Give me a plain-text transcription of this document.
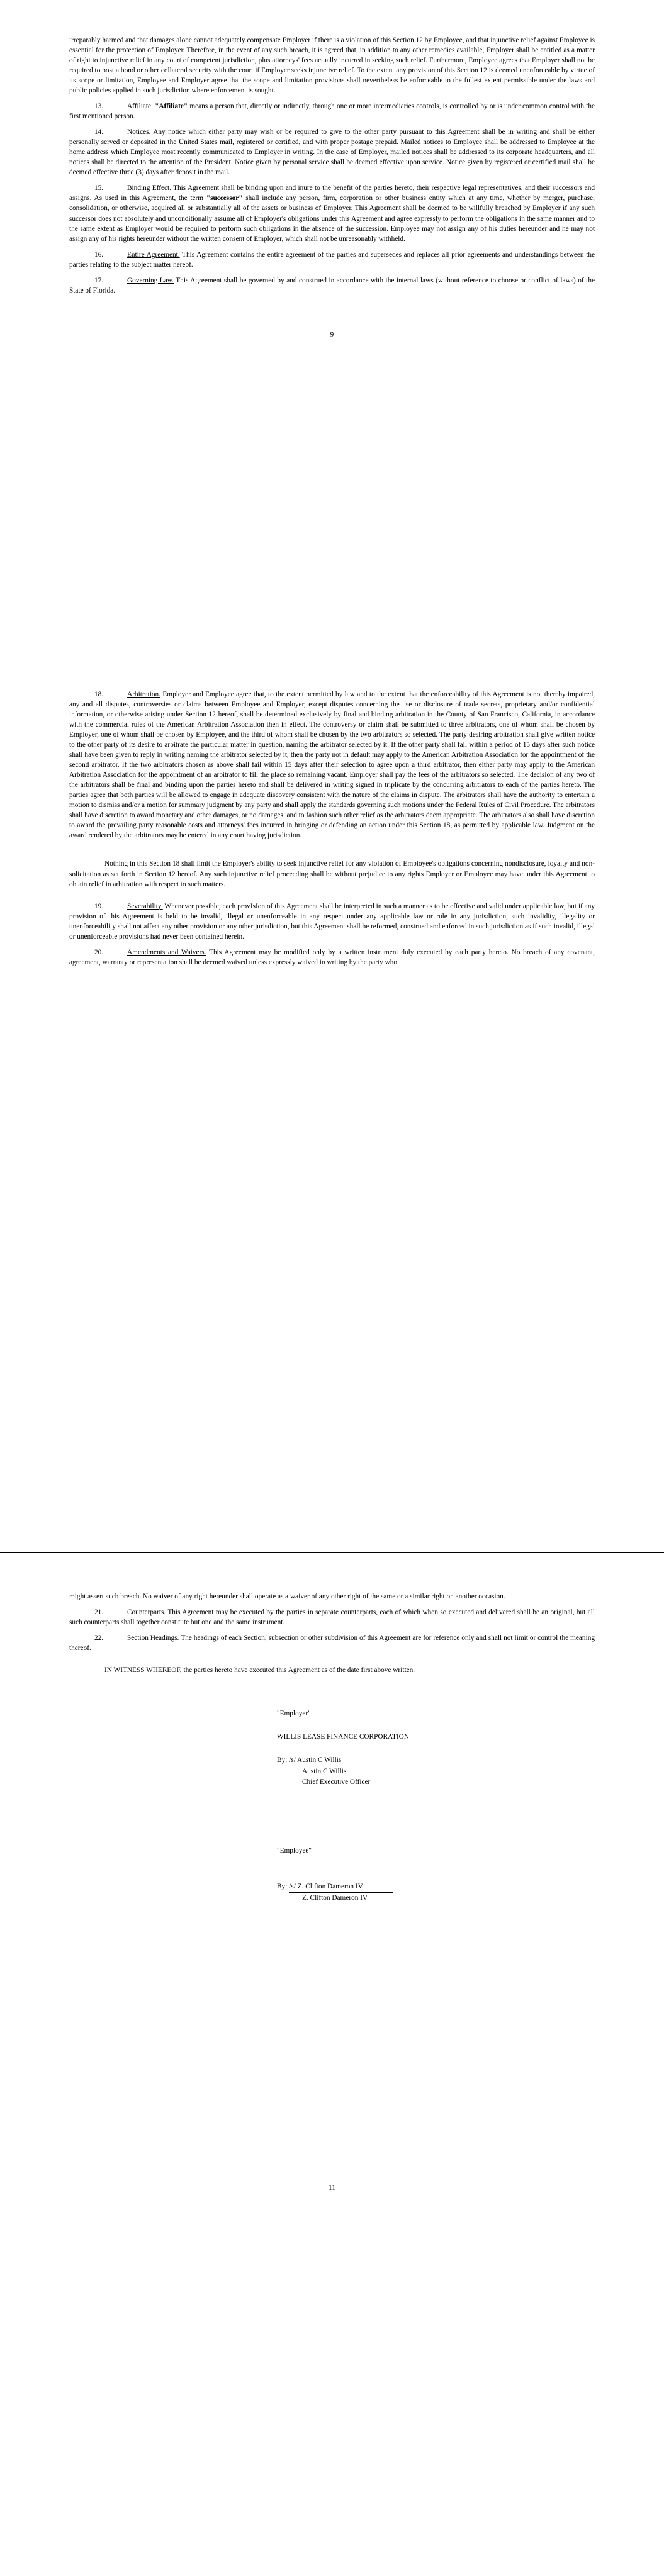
irreparably harmed and that damages alone cannot adequately compensate Employer if there is a violation of this Section 12 by Employee, and that injunctive relief against Employee is essential for the protection of Employer. Therefore, in the event of any such breach, it is agreed that, in addition to any other remedies available, Employer shall be entitled as a matter of right to injunctive relief in any court of competent jurisdiction, plus attorneys' fees actually incurred in seeking such relief. Furthermore, Employee agrees that Employer shall not be required to post a bond or other collateral security with the court if Employer seeks injunctive relief. To the extent any provision of this Section 12 is deemed unenforceable by virtue of its scope or limitation, Employee and Employer agree that the scope and limitation provisions shall nevertheless be enforceable to the fullest extent permissible under the laws and public policies applied in such jurisdiction where enforcement is sought.

13.	Affiliate. "Affiliate" means a person that, directly or indirectly, through one or more intermediaries controls, is controlled by or is under common control with the first mentioned person.

14.	Notices. Any notice which either party may wish or be required to give to the other party pursuant to this Agreement shall be in writing and shall be either personally served or deposited in the United States mail, registered or certified, and with proper postage prepaid. Mailed notices to Employee shall be addressed to Employee at the home address which Employee most recently communicated to Employer in writing. In the case of Employer, mailed notices shall be addressed to its corporate headquarters, and all notices shall be directed to the attention of the President. Notice given by personal service shall be deemed effective upon service. Notice given by registered or certified mail shall be deemed effective three (3) days after deposit in the mail.

15.	Binding Effect. This Agreement shall be binding upon and inure to the benefit of the parties hereto, their respective legal representatives, and their successors and assigns. As used in this Agreement, the term "successor" shall include any person, firm, corporation or other business entity which at any time, whether by merger, purchase, consolidation, or otherwise, acquired all or substantially all of the assets or business of Employer. This Agreement shall be deemed to be willfully breached by Employer if any such successor does not absolutely and unconditionally assume all of Employer's obligations under this Agreement and agree expressly to perform the obligations in the same manner and to the same extent as Employer would be required to perform such obligations in the absence of the succession. Employee may not assign any of his duties hereunder and he may not assign any of his rights hereunder without the written consent of Employer, which shall not be unreasonably withheld.

16.	Entire Agreement. This Agreement contains the entire agreement of the parties and supersedes and replaces all prior agreements and understandings between the parties relating to the subject matter hereof.

17.	Governing Law. This Agreement shall be governed by and construed in accordance with the internal laws (without reference to choose or conflict of laws) of the State of Florida.

9

18.	Arbitration. Employer and Employee agree that, to the extent permitted by law and to the extent that the enforceability of this Agreement is not thereby impaired, any and all disputes, controversies or claims between Employee and Employer, except disputes concerning the use or disclosure of trade secrets, proprietary and/or confidential information, or otherwise arising under Section 12 hereof, shall be determined exclusively by final and binding arbitration in the County of San Francisco, California, in accordance with the commercial rules of the American Arbitration Association then in effect. The controversy or claim shall be submitted to three arbitrators, one of whom shall be chosen by Employer, one of whom shall be chosen by Employee, and the third of whom shall be chosen by the two arbitrators so selected. The party desiring arbitration shall give written notice to the other party of its desire to arbitrate the particular matter in question, naming the arbitrator selected by it. If the other party shall fail within a period of 15 days after such notice shall have been given to reply in writing naming the arbitrator selected by it, then the party not in default may apply to the American Arbitration Association for the appointment of the second arbitrator. If the two arbitrators chosen as above shall fail within 15 days after their selection to agree upon a third arbitrator, then either party may apply to the American Arbitration Association for the appointment of an arbitrator to fill the place so remaining vacant. Employer shall pay the fees of the arbitrators so selected. The decision of any two of the arbitrators shall be final and binding upon the parties hereto and shall be delivered in writing signed in triplicate by the concurring arbitrators to each of the parties hereto. The parties agree that both parties will be allowed to engage in adequate discovery consistent with the nature of the claims in dispute. The arbitrators shall have the authority to entertain a motion to dismiss and/or a motion for summary judgment by any party and shall apply the standards governing such motions under the Federal Rules of Civil Procedure. The arbitrators shall have discretion to award monetary and other damages, or no damages, and to fashion such other relief as the arbitrators deem appropriate. The arbitrators also shall have discretion to award the prevailing party reasonable costs and attorneys' fees incurred in bringing or defending an action under this Section 18, as permitted by applicable law. Judgment on the award rendered by the arbitrators may be entered in any court having jurisdiction.

Nothing in this Section 18 shall limit the Employer's ability to seek injunctive relief for any violation of Employee's obligations concerning nondisclosure, loyalty and non-solicitation as set forth in Section 12 hereof. Any such injunctive relief proceeding shall be without prejudice to any rights Employer or Employee may have under this Agreement to obtain relief in arbitration with respect to such matters.

19.	Severability. Whenever possible, each provIsIon of this Agreement shall be interpreted in such a manner as to be effective and valid under applicable law, but if any provision of this Agreement is held to be invalid, illegal or unenforceable in any respect under any applicable law or rule in any jurisdiction, such invalidity, illegality or unenforceability shall not affect any other provision or any other jurisdiction, but this Agreement shall be reformed, construed and enforced in such jurisdiction as if such invalid, illegal or unenforceable provisions had never been contained herein.

20.	Amendments and Waivers. This Agreement may be modified only by a written instrument duly executed by each party hereto. No breach of any covenant, agreement, warranty or representation shall be deemed waived unless expressly waived in writing by the party who.

might assert such breach. No waiver of any right hereunder shall operate as a waiver of any other right of the same or a similar right on another occasion.

21.	Counterparts. This Agreement may be executed by the parties in separate counterparts, each of which when so executed and delivered shall be an original, but all such counterparts shall together constitute but one and the same instrument.

22.	Section Headings. The headings of each Section, subsection or other subdivision of this Agreement are for reference only and shall not limit or control the meaning thereof.

IN WITNESS WHEREOF, the parties hereto have executed this Agreement as of the date first above written.

"Employer"
WILLIS LEASE FINANCE CORPORATION
By: /s/ Austin C Willis
Austin C Willis
Chief Executive Officer
"Employee"
By: /s/ Z. Clifton Dameron IV
Z. Clifton Dameron IV
11
